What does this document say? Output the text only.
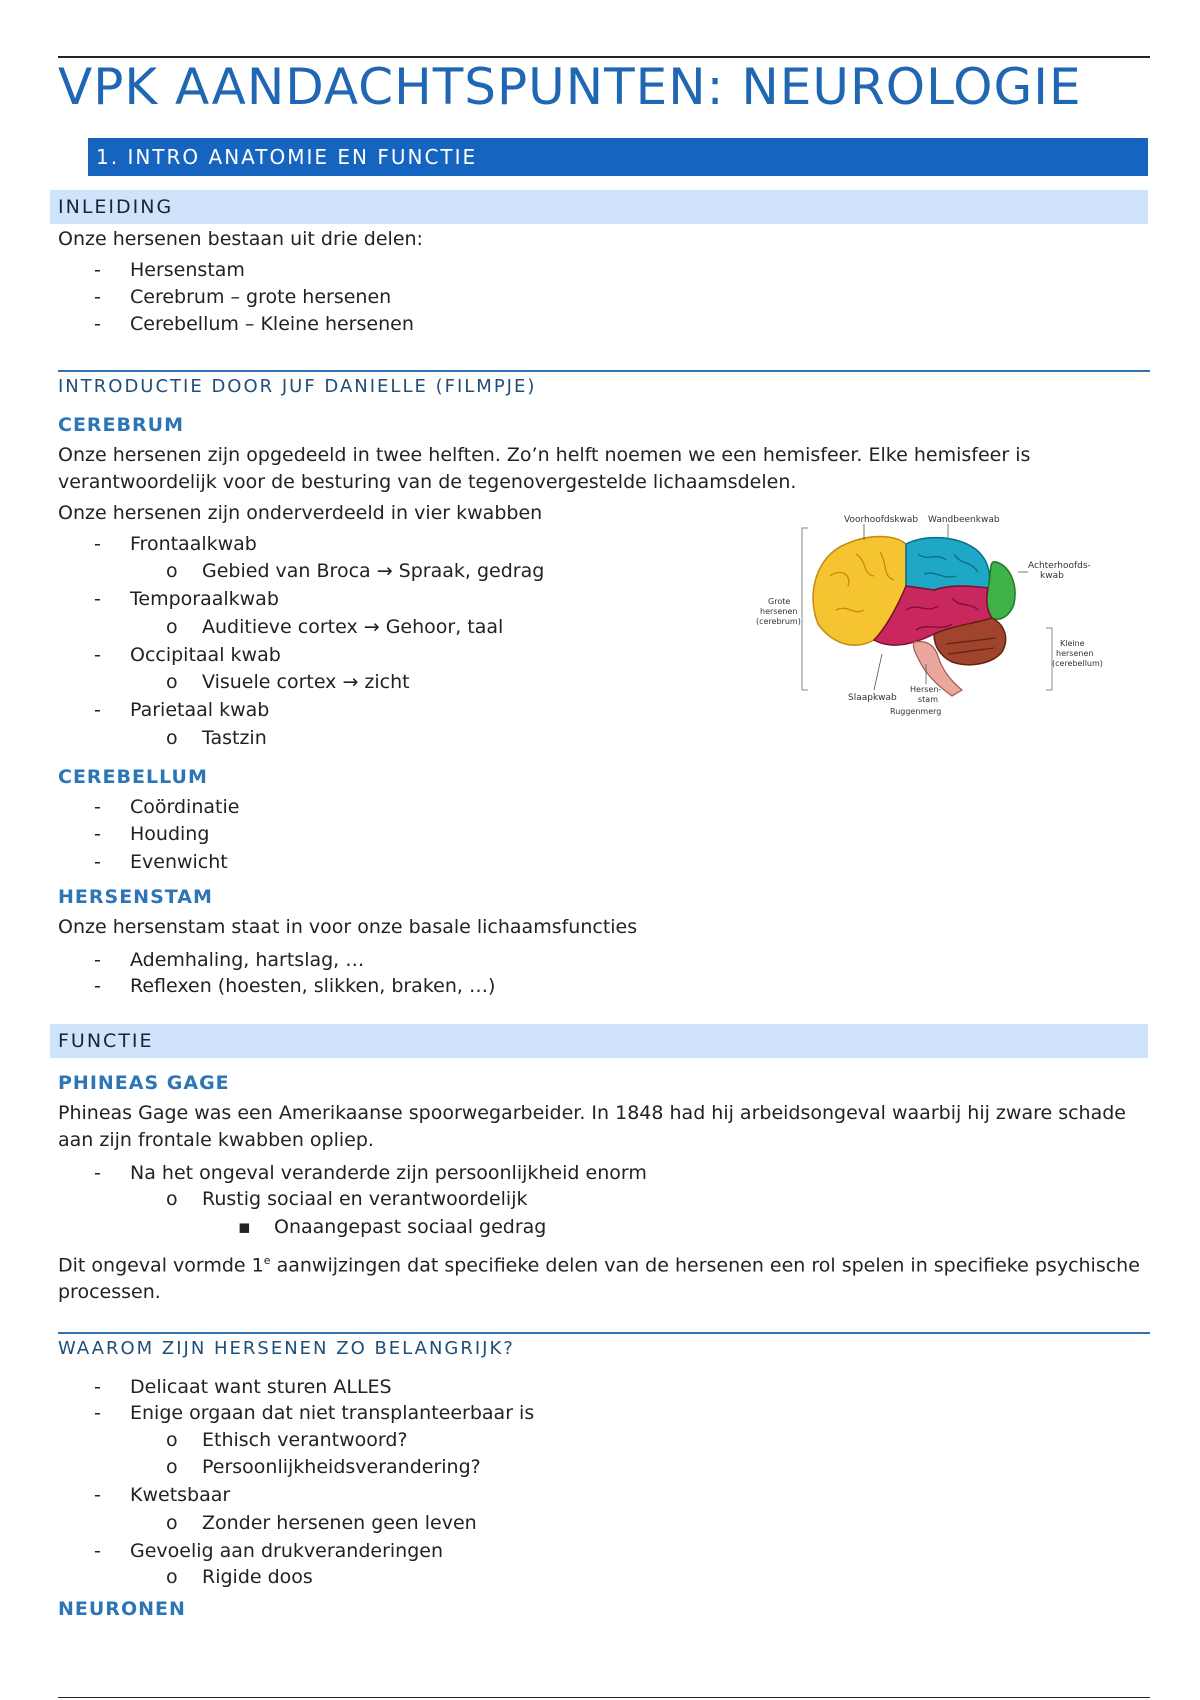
VPK AANDACHTSPUNTEN: NEUROLOGIE
1. INTRO ANATOMIE EN FUNCTIE
INLEIDING
Onze hersenen bestaan uit drie delen:
- Hersenstam
- Cerebrum – grote hersenen
- Cerebellum – Kleine hersenen
INTRODUCTIE DOOR JUF DANIELLE (FILMPJE)
CEREBRUM
Onze hersenen zijn opgedeeld in twee helften. Zo’n helft noemen we een hemisfeer. Elke hemisfeer is verantwoordelijk voor de besturing van de tegenovergestelde lichaamsdelen.
Onze hersenen zijn onderverdeeld in vier kwabben
- Frontaalkwab
o Gebied van Broca → Spraak, gedrag
- Temporaalkwab
o Auditieve cortex → Gehoor, taal
- Occipitaal kwab
o Visuele cortex → zicht
- Parietaal kwab
o Tastzin
Voorhoofdskwab Wandbeenkwab
Achterhoofds-
kwab
Grote
hersenen
(cerebrum)
Kleine
hersenen
(cerebellum)
Slaapkwab
Hersen-
stam
Ruggenmerg
CEREBELLUM
- Coördinatie
- Houding
- Evenwicht
HERSENSTAM
Onze hersenstam staat in voor onze basale lichaamsfuncties
- Ademhaling, hartslag, …
- Reflexen (hoesten, slikken, braken, …)
FUNCTIE
PHINEAS GAGE
Phineas Gage was een Amerikaanse spoorwegarbeider. In 1848 had hij arbeidsongeval waarbij hij zware schade aan zijn frontale kwabben opliep.
- Na het ongeval veranderde zijn persoonlijkheid enorm
o Rustig sociaal en verantwoordelijk
▪ Onaangepast sociaal gedrag
Dit ongeval vormde 1e aanwijzingen dat specifieke delen van de hersenen een rol spelen in specifieke psychische processen.
WAAROM ZIJN HERSENEN ZO BELANGRIJK?
- Delicaat want sturen ALLES
- Enige orgaan dat niet transplanteerbaar is
o Ethisch verantwoord?
o Persoonlijkheidsverandering?
- Kwetsbaar
o Zonder hersenen geen leven
- Gevoelig aan drukveranderingen
o Rigide doos
NEURONEN
